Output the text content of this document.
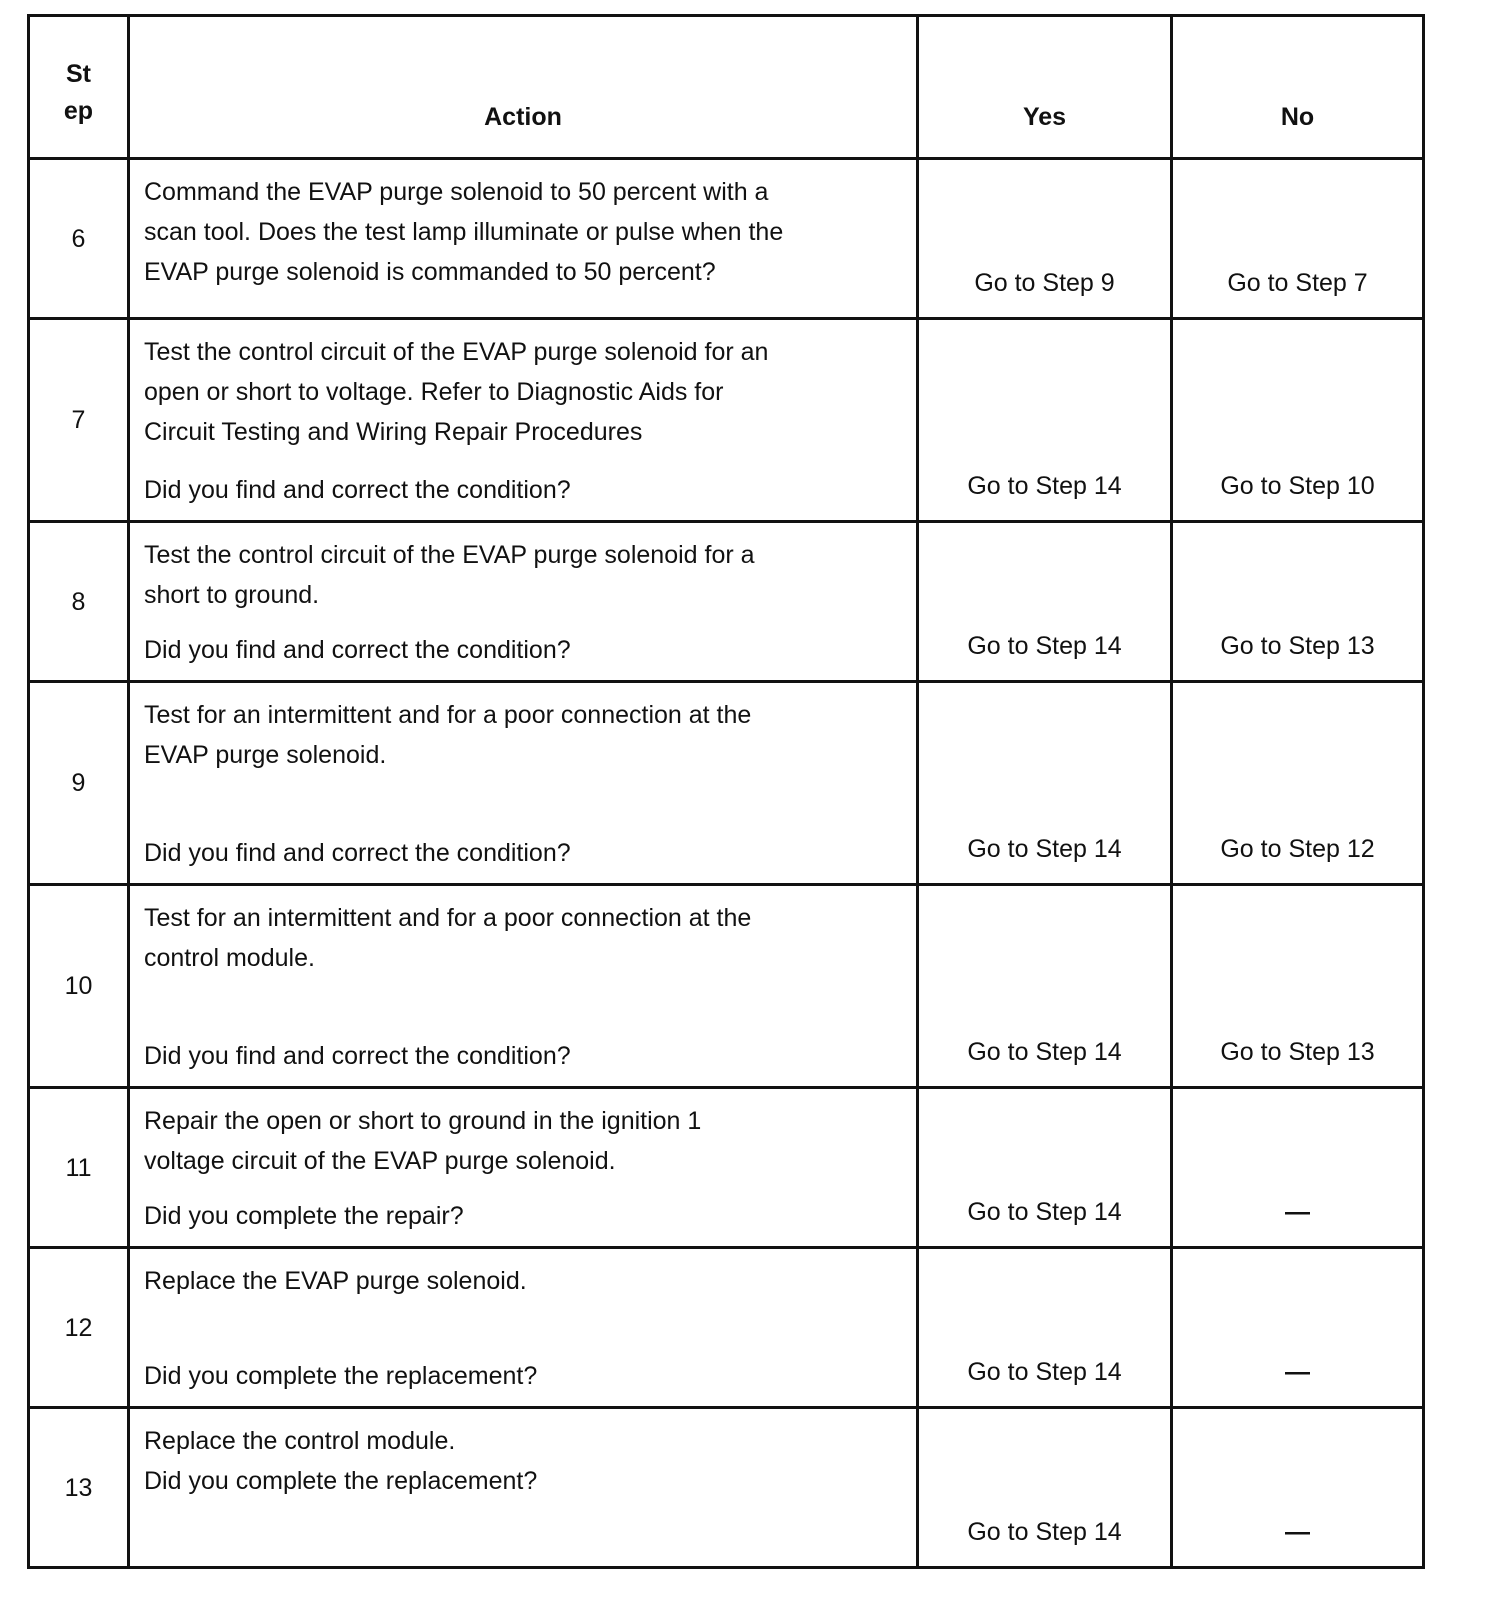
St
ep	Action	Yes	No
6	Command the EVAP purge solenoid to 50 percent with a
scan tool. Does the test lamp illuminate or pulse when the
EVAP purge solenoid is commanded to 50 percent?	Go to Step 9	Go to Step 7

7	Test the control circuit of the EVAP purge solenoid for an
open or short to voltage. Refer to Diagnostic Aids for
Circuit Testing and Wiring Repair Procedures
Did you find and correct the condition?	Go to Step 14	Go to Step 10

8	Test the control circuit of the EVAP purge solenoid for a
short to ground.
Did you find and correct the condition?	Go to Step 14	Go to Step 13

9	Test for an intermittent and for a poor connection at the
EVAP purge solenoid.
Did you find and correct the condition?	Go to Step 14	Go to Step 12

10	Test for an intermittent and for a poor connection at the
control module.
Did you find and correct the condition?	Go to Step 14	Go to Step 13

11	Repair the open or short to ground in the ignition 1
voltage circuit of the EVAP purge solenoid.
Did you complete the repair?	Go to Step 14	—

12	Replace the EVAP purge solenoid.
Did you complete the replacement?	Go to Step 14	—

13	Replace the control module.
Did you complete the replacement?	Go to Step 14	—
